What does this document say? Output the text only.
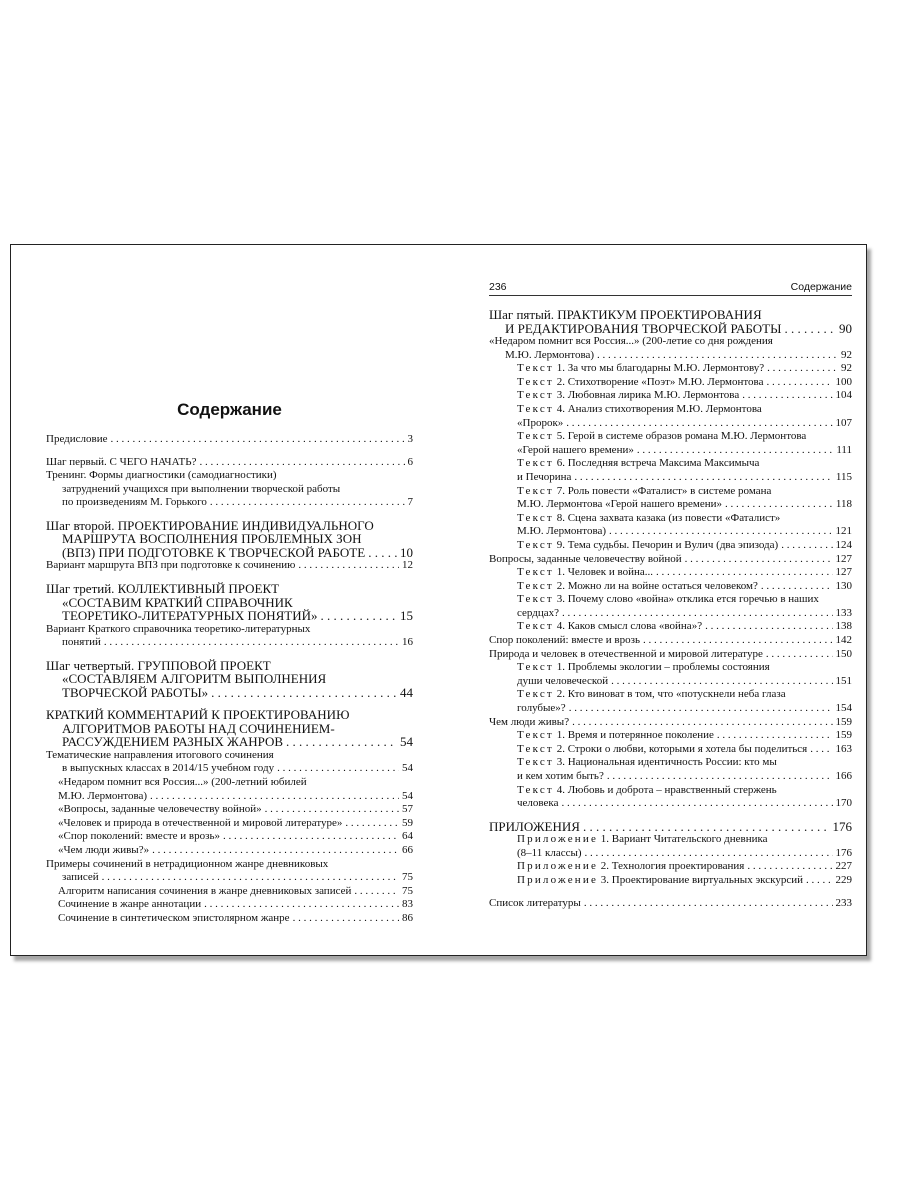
Содержание
Предисловие . . .	3
Шаг первый. С ЧЕГО НАЧАТЬ? . . .	6
Тренинг. Формы диагностики (самодиагностики)
затруднений учащихся при выполнении творческой работы
по произведениям М. Горького . . .	7
Шаг второй. ПРОЕКТИРОВАНИЕ ИНДИВИДУАЛЬНОГО
МАРШРУТА ВОСПОЛНЕНИЯ ПРОБЛЕМНЫХ ЗОН
(ВПЗ) ПРИ ПОДГОТОВКЕ К ТВОРЧЕСКОЙ РАБОТЕ . . .	10
Вариант маршрута ВПЗ при подготовке к сочинению . . .	12
Шаг третий. КОЛЛЕКТИВНЫЙ ПРОЕКТ
«СОСТАВИМ КРАТКИЙ СПРАВОЧНИК
ТЕОРЕТИКО-ЛИТЕРАТУРНЫХ ПОНЯТИЙ» . . .	15
Вариант Краткого справочника теоретико-литературных
понятий . . .	16
Шаг четвертый. ГРУППОВОЙ ПРОЕКТ
«СОСТАВЛЯЕМ АЛГОРИТМ ВЫПОЛНЕНИЯ
ТВОРЧЕСКОЙ РАБОТЫ» . . .	44
КРАТКИЙ КОММЕНТАРИЙ К ПРОЕКТИРОВАНИЮ
АЛГОРИТМОВ РАБОТЫ НАД СОЧИНЕНИЕМ-
РАССУЖДЕНИЕМ РАЗНЫХ ЖАНРОВ . . .	54
Тематические направления итогового сочинения
в выпускных классах в 2014/15 учебном году . . .	54
«Недаром помнит вся Россия...» (200-летний юбилей
М.Ю. Лермонтова) . . .	54
«Вопросы, заданные человечеству войной» . . .	57
«Человек и природа в отечественной и мировой литературе» . . .	59
«Спор поколений: вместе и врозь» . . .	64
«Чем люди живы?» . . .	66
Примеры сочинений в нетрадиционном жанре дневниковых
записей . . .	75
Алгоритм написания сочинения в жанре дневниковых записей . . .	75
Сочинение в жанре аннотации . . .	83
Сочинение в синтетическом эпистолярном жанре . . .	86
236	Содержание
Шаг пятый. ПРАКТИКУМ ПРОЕКТИРОВАНИЯ
И РЕДАКТИРОВАНИЯ ТВОРЧЕСКОЙ РАБОТЫ . . .	90
«Недаром помнит вся Россия...» (200-летие со дня рождения
М.Ю. Лермонтова) . . .	92
Текст 1. За что мы благодарны М.Ю. Лермонтову? . . .	92
Текст 2. Стихотворение «Поэт» М.Ю. Лермонтова . . .	100
Текст 3. Любовная лирика М.Ю. Лермонтова . . .	104
Текст 4. Анализ стихотворения М.Ю. Лермонтова
«Пророк» . . .	107
Текст 5. Герой в системе образов романа М.Ю. Лермонтова
«Герой нашего времени» . . .	111
Текст 6. Последняя встреча Максима Максимыча
и Печорина . . .	115
Текст 7. Роль повести «Фаталист» в системе романа
М.Ю. Лермонтова «Герой нашего времени» . . .	118
Текст 8. Сцена захвата казака (из повести «Фаталист»
М.Ю. Лермонтова) . . .	121
Текст 9. Тема судьбы. Печорин и Вулич (два эпизода) . . .	124
Вопросы, заданные человечеству войной . . .	127
Текст 1. Человек и война... . . .	127
Текст 2. Можно ли на войне остаться человеком? . . .	130
Текст 3. Почему слово «война» отклика ется горечью в наших
сердцах? . . .	133
Текст 4. Каков смысл слова «война»? . . .	138
Спор поколений: вместе и врозь . . .	142
Природа и человек в отечественной и мировой литературе . . .	150
Текст 1. Проблемы экологии – проблемы состояния
души человеческой . . .	151
Текст 2. Кто виноват в том, что «потускнели неба глаза
голубые»? . . .	154
Чем люди живы? . . .	159
Текст 1. Время и потерянное поколение . . .	159
Текст 2. Строки о любви, которыми я хотела бы поделиться . . .	163
Текст 3. Национальная идентичность России: кто мы
и кем хотим быть? . . .	166
Текст 4. Любовь и доброта – нравственный стержень
человека . . .	170
ПРИЛОЖЕНИЯ . . .	176
Приложение 1. Вариант Читательского дневника
(8–11 классы) . . .	176
Приложение 2. Технология проектирования . . .	227
Приложение 3. Проектирование виртуальных экскурсий . . .	229
Список литературы . . .	233
